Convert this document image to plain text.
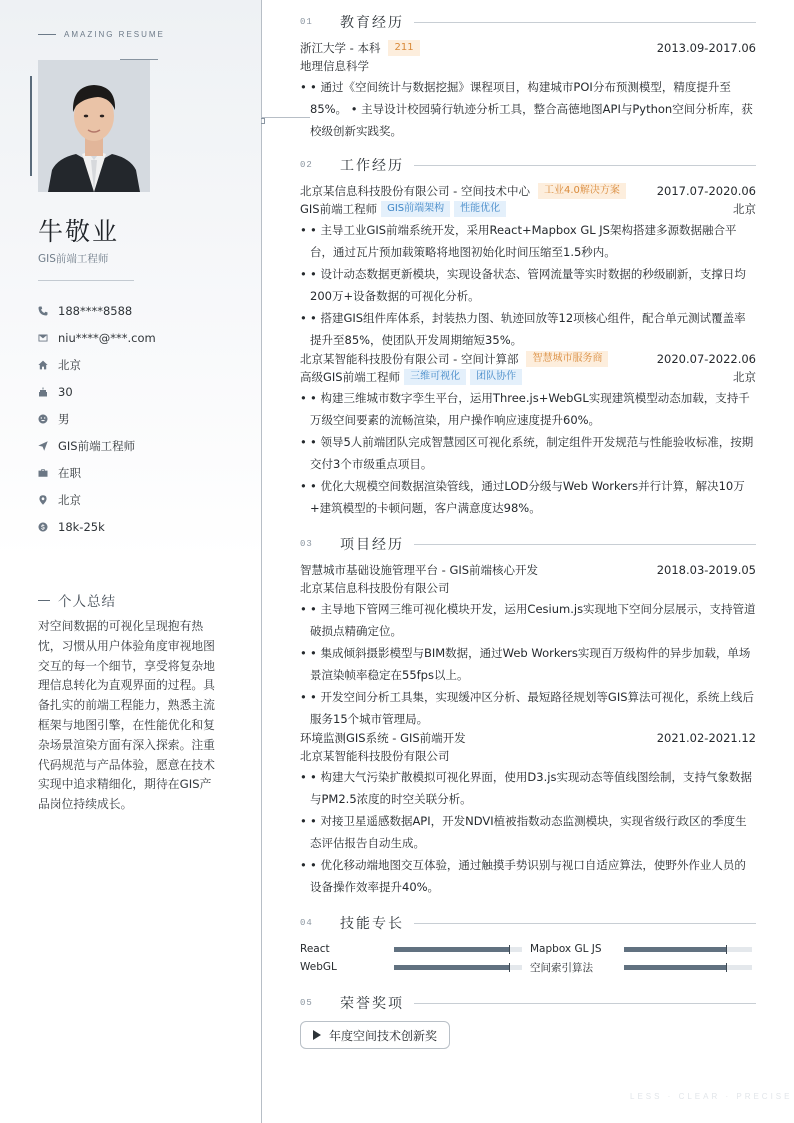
AMAZING RESUME
牛敬业
GIS前端工程师
188****8588
niu****@***.com
北京
30
男
GIS前端工程师
在职
北京
18k-25k
个人总结
对空间数据的可视化呈现抱有热忱，习惯从用户体验角度审视地图交互的每一个细节，享受将复杂地理信息转化为直观界面的过程。具备扎实的前端工程能力，熟悉主流框架与地图引擎，在性能优化和复杂场景渲染方面有深入探索。注重代码规范与产品体验，愿意在技术实现中追求精细化，期待在GIS产品岗位持续成长。
01	教育经历
浙江大学 - 本科	211	2013.09-2017.06
地理信息科学
• • 通过《空间统计与数据挖掘》课程项目，构建城市POI分布预测模型，精度提升至85%。 • 主导设计校园骑行轨迹分析工具，整合高德地图API与Python空间分析库，获校级创新实践奖。
02	工作经历
北京某信息科技股份有限公司 - 空间技术中心	工业4.0解决方案	2017.07-2020.06
GIS前端工程师	GIS前端架构	性能优化	北京
• • 主导工业GIS前端系统开发，采用React+Mapbox GL JS架构搭建多源数据融合平台，通过瓦片预加载策略将地图初始化时间压缩至1.5秒内。
• • 设计动态数据更新模块，实现设备状态、管网流量等实时数据的秒级刷新，支撑日均200万+设备数据的可视化分析。
• • 搭建GIS组件库体系，封装热力图、轨迹回放等12项核心组件，配合单元测试覆盖率提升至85%，使团队开发周期缩短35%。
北京某智能科技股份有限公司 - 空间计算部	智慧城市服务商	2020.07-2022.06
高级GIS前端工程师	三维可视化	团队协作	北京
• • 构建三维城市数字孪生平台，运用Three.js+WebGL实现建筑模型动态加载，支持千万级空间要素的流畅渲染，用户操作响应速度提升60%。
• • 领导5人前端团队完成智慧园区可视化系统，制定组件开发规范与性能验收标准，按期交付3个市级重点项目。
• • 优化大规模空间数据渲染管线，通过LOD分级与Web Workers并行计算，解决10万+建筑模型的卡顿问题，客户满意度达98%。
03	项目经历
智慧城市基础设施管理平台 - GIS前端核心开发	2018.03-2019.05
北京某信息科技股份有限公司
• • 主导地下管网三维可视化模块开发，运用Cesium.js实现地下空间分层展示，支持管道破损点精确定位。
• • 集成倾斜摄影模型与BIM数据，通过Web Workers实现百万级构件的异步加载，单场景渲染帧率稳定在55fps以上。
• • 开发空间分析工具集，实现缓冲区分析、最短路径规划等GIS算法可视化，系统上线后服务15个城市管理局。
环境监测GIS系统 - GIS前端开发	2021.02-2021.12
北京某智能科技股份有限公司
• • 构建大气污染扩散模拟可视化界面，使用D3.js实现动态等值线图绘制，支持气象数据与PM2.5浓度的时空关联分析。
• • 对接卫星遥感数据API，开发NDVI植被指数动态监测模块，实现省级行政区的季度生态评估报告自动生成。
• • 优化移动端地图交互体验，通过触摸手势识别与视口自适应算法，使野外作业人员的设备操作效率提升40%。
04	技能专长
React	Mapbox GL JS
WebGL	空间索引算法
05	荣誉奖项
年度空间技术创新奖
LESS · CLEAR · PRECISE
